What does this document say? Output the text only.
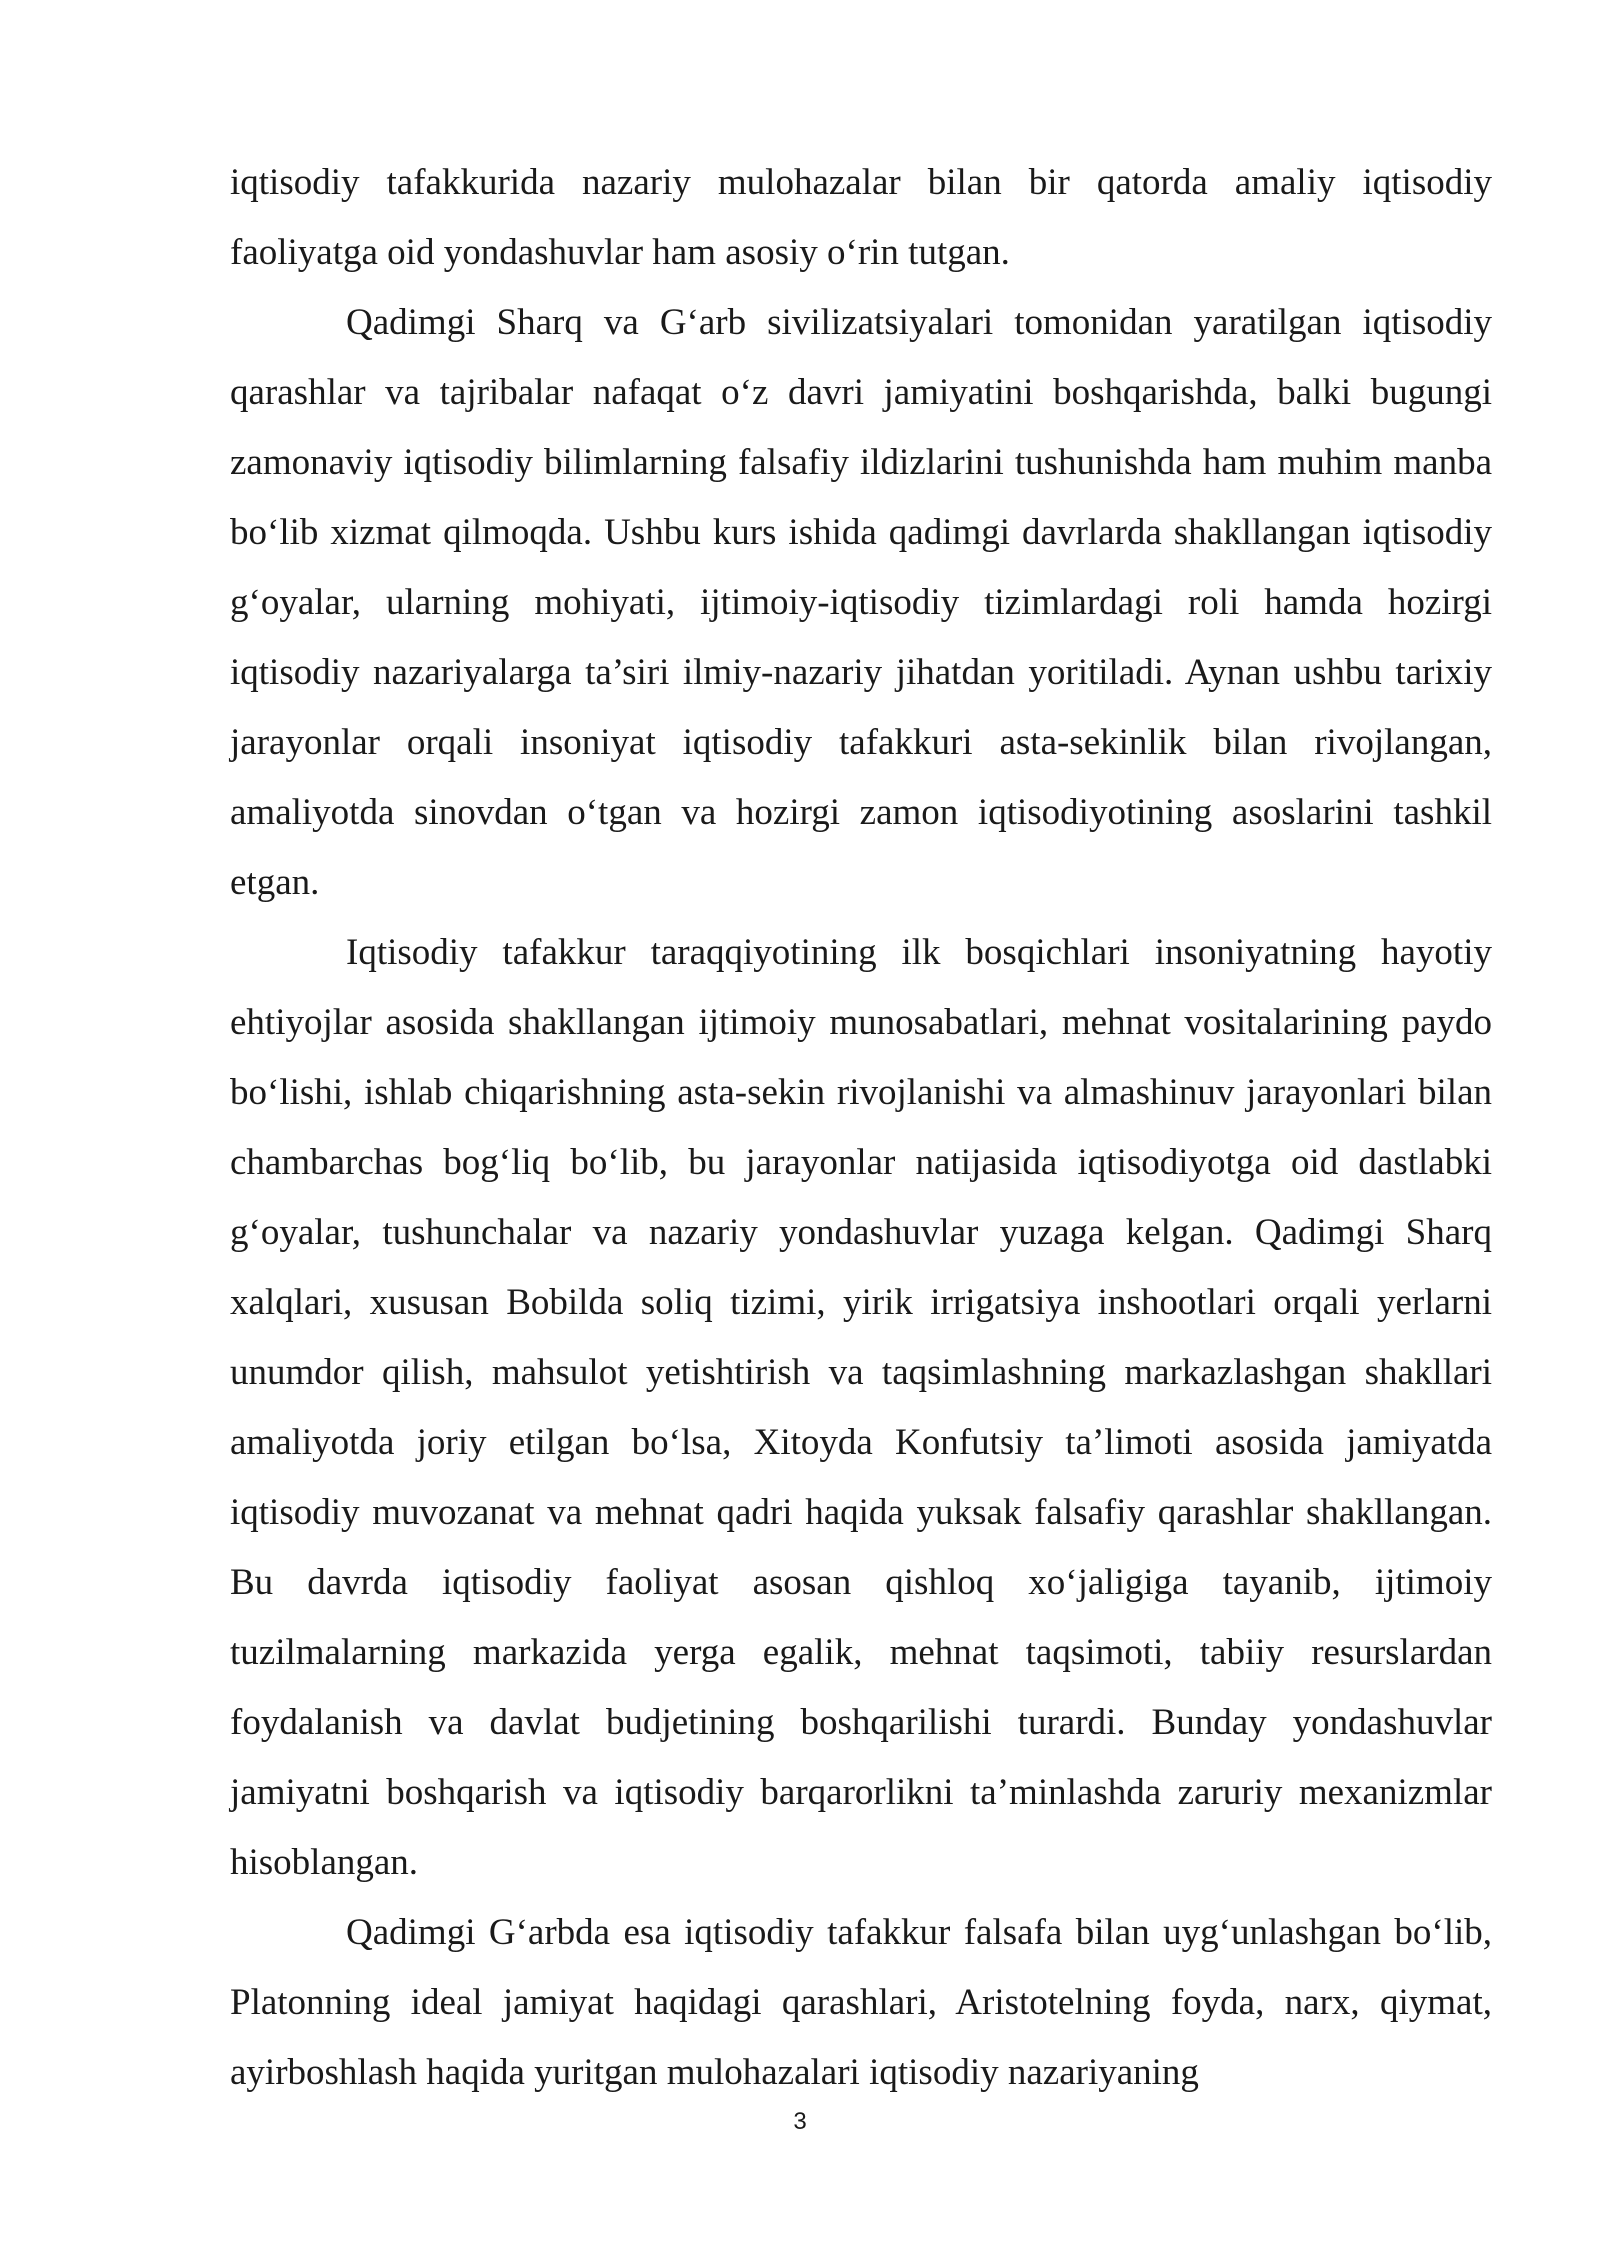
iqtisodiy tafakkurida nazariy mulohazalar bilan bir qatorda amaliy iqtisodiy faoliyatga oid yondashuvlar ham asosiy o‘rin tutgan.

Qadimgi Sharq va G‘arb sivilizatsiyalari tomonidan yaratilgan iqtisodiy qarashlar va tajribalar nafaqat o‘z davri jamiyatini boshqarishda, balki bugungi zamonaviy iqtisodiy bilimlarning falsafiy ildizlarini tushunishda ham muhim manba bo‘lib xizmat qilmoqda. Ushbu kurs ishida qadimgi davrlarda shakllangan iqtisodiy g‘oyalar, ularning mohiyati, ijtimoiy-iqtisodiy tizimlardagi roli hamda hozirgi iqtisodiy nazariyalarga ta’siri ilmiy-nazariy jihatdan yoritiladi. Aynan ushbu tarixiy jarayonlar orqali insoniyat iqtisodiy tafakkuri asta-sekinlik bilan rivojlangan, amaliyotda sinovdan o‘tgan va hozirgi zamon iqtisodiyotining asoslarini tashkil etgan.

Iqtisodiy tafakkur taraqqiyotining ilk bosqichlari insoniyatning hayotiy ehtiyojlar asosida shakllangan ijtimoiy munosabatlari, mehnat vositalarining paydo bo‘lishi, ishlab chiqarishning asta-sekin rivojlanishi va almashinuv jarayonlari bilan chambarchas bog‘liq bo‘lib, bu jarayonlar natijasida iqtisodiyotga oid dastlabki g‘oyalar, tushunchalar va nazariy yondashuvlar yuzaga kelgan. Qadimgi Sharq xalqlari, xususan Bobilda soliq tizimi, yirik irrigatsiya inshootlari orqali yerlarni unumdor qilish, mahsulot yetishtirish va taqsimlashning markazlashgan shakllari amaliyotda joriy etilgan bo‘lsa, Xitoyda Konfutsiy ta’limoti asosida jamiyatda iqtisodiy muvozanat va mehnat qadri haqida yuksak falsafiy qarashlar shakllangan. Bu davrda iqtisodiy faoliyat asosan qishloq xo‘jaligiga tayanib, ijtimoiy tuzilmalarning markazida yerga egalik, mehnat taqsimoti, tabiiy resurslardan foydalanish va davlat budjetining boshqarilishi turardi. Bunday yondashuvlar jamiyatni boshqarish va iqtisodiy barqarorlikni ta’minlashda zaruriy mexanizmlar hisoblangan.

Qadimgi G‘arbda esa iqtisodiy tafakkur falsafa bilan uyg‘unlashgan bo‘lib, Platonning ideal jamiyat haqidagi qarashlari, Aristotelning foyda, narx, qiymat, ayirboshlash haqida yuritgan mulohazalari iqtisodiy nazariyaning

3
